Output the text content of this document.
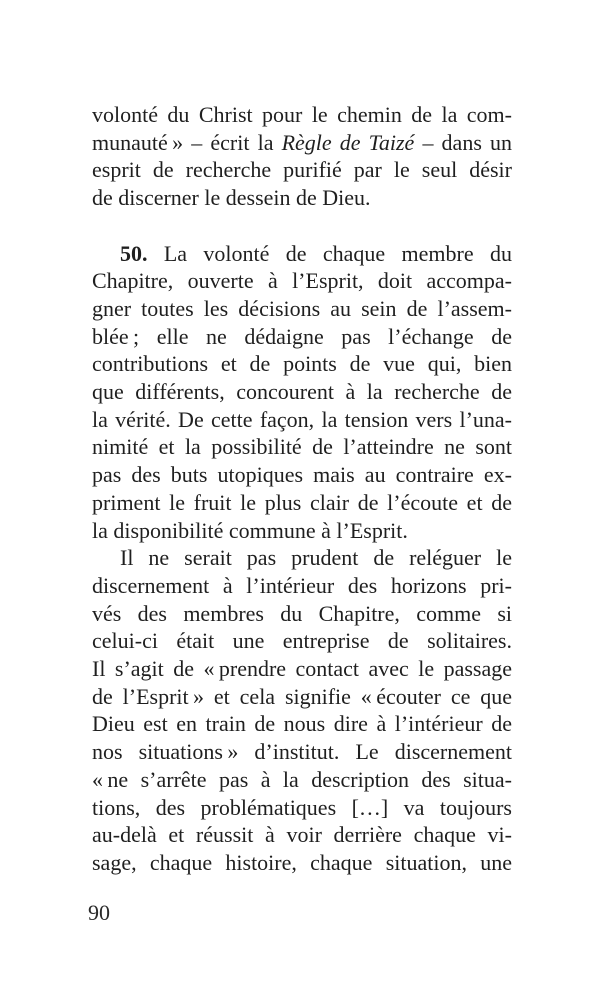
volonté du Christ pour le chemin de la com-
munauté » – écrit la Règle de Taizé – dans un
esprit de recherche purifié par le seul désir
de discerner le dessein de Dieu.
50. La volonté de chaque membre du
Chapitre, ouverte à l’Esprit, doit accompa-
gner toutes les décisions au sein de l’assem-
blée ; elle ne dédaigne pas l’échange de
contributions et de points de vue qui, bien
que différents, concourent à la recherche de
la vérité. De cette façon, la tension vers l’una-
nimité et la possibilité de l’atteindre ne sont
pas des buts utopiques mais au contraire ex-
priment le fruit le plus clair de l’écoute et de
la disponibilité commune à l’Esprit.
Il ne serait pas prudent de reléguer le
discernement à l’intérieur des horizons pri-
vés des membres du Chapitre, comme si
celui-ci était une entreprise de solitaires.
Il s’agit de « prendre contact avec le passage
de l’Esprit » et cela signifie « écouter ce que
Dieu est en train de nous dire à l’intérieur de
nos situations » d’institut. Le discernement
« ne s’arrête pas à la description des situa-
tions, des problématiques […] va toujours
au-delà et réussit à voir derrière chaque vi-
sage, chaque histoire, chaque situation, une
90
